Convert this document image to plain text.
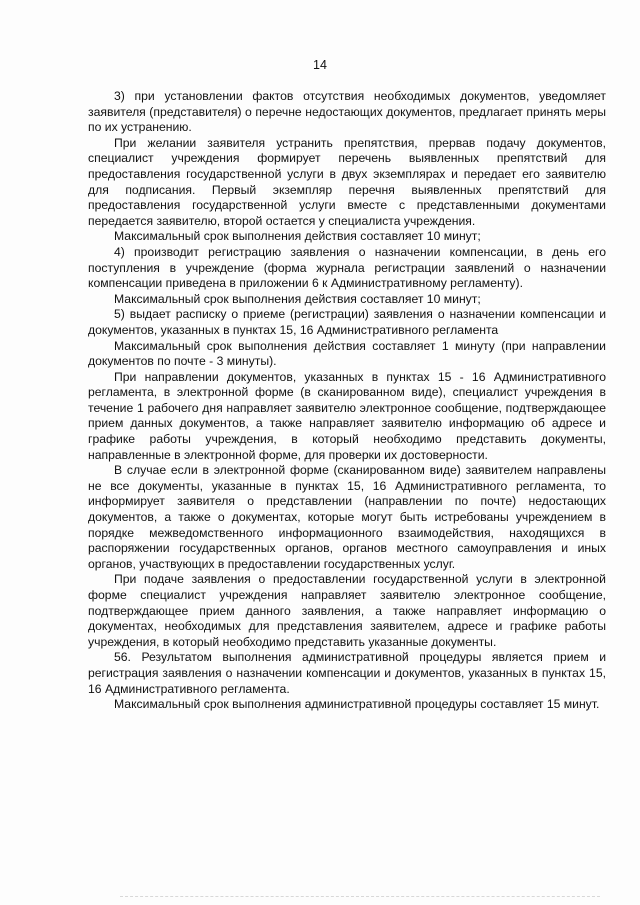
14

3) при установлении фактов отсутствия необходимых документов, уведомляет заявителя (представителя) о перечне недостающих документов, предлагает принять меры по их устранению.

При желании заявителя устранить препятствия, прервав подачу документов, специалист учреждения формирует перечень выявленных препятствий для предоставления государственной услуги в двух экземплярах и передает его заявителю для подписания. Первый экземпляр перечня выявленных препятствий для предоставления государственной услуги вместе с представленными документами передается заявителю, второй остается у специалиста учреждения.

Максимальный срок выполнения действия составляет 10 минут;

4) производит регистрацию заявления о назначении компенсации, в день его поступления в учреждение (форма журнала регистрации заявлений о назначении компенсации приведена в приложении 6 к Административному регламенту).

Максимальный срок выполнения действия составляет 10 минут;

5) выдает расписку о приеме (регистрации) заявления о назначении компенсации и документов, указанных в пунктах 15, 16 Административного регламента

Максимальный срок выполнения действия составляет 1 минуту (при направлении документов по почте - 3 минуты).

При направлении документов, указанных в пунктах 15 - 16 Административного регламента, в электронной форме (в сканированном виде), специалист учреждения в течение 1 рабочего дня направляет заявителю электронное сообщение, подтверждающее прием данных документов, а также направляет заявителю информацию об адресе и графике работы учреждения, в который необходимо представить документы, направленные в электронной форме, для проверки их достоверности.

В случае если в электронной форме (сканированном виде) заявителем направлены не все документы, указанные в пунктах 15, 16 Административного регламента, то информирует заявителя о представлении (направлении по почте) недостающих документов, а также о документах, которые могут быть истребованы учреждением в порядке межведомственного информационного взаимодействия, находящихся в распоряжении государственных органов, органов местного самоуправления и иных органов, участвующих в предоставлении государственных услуг.

При подаче заявления о предоставлении государственной услуги в электронной форме специалист учреждения направляет заявителю электронное сообщение, подтверждающее прием данного заявления, а также направляет информацию о документах, необходимых для представления заявителем, адресе и графике работы учреждения, в который необходимо представить указанные документы.

56. Результатом выполнения административной процедуры является прием и регистрация заявления о назначении компенсации и документов, указанных в пунктах 15, 16 Административного регламента.

Максимальный срок выполнения административной процедуры составляет 15 минут.
